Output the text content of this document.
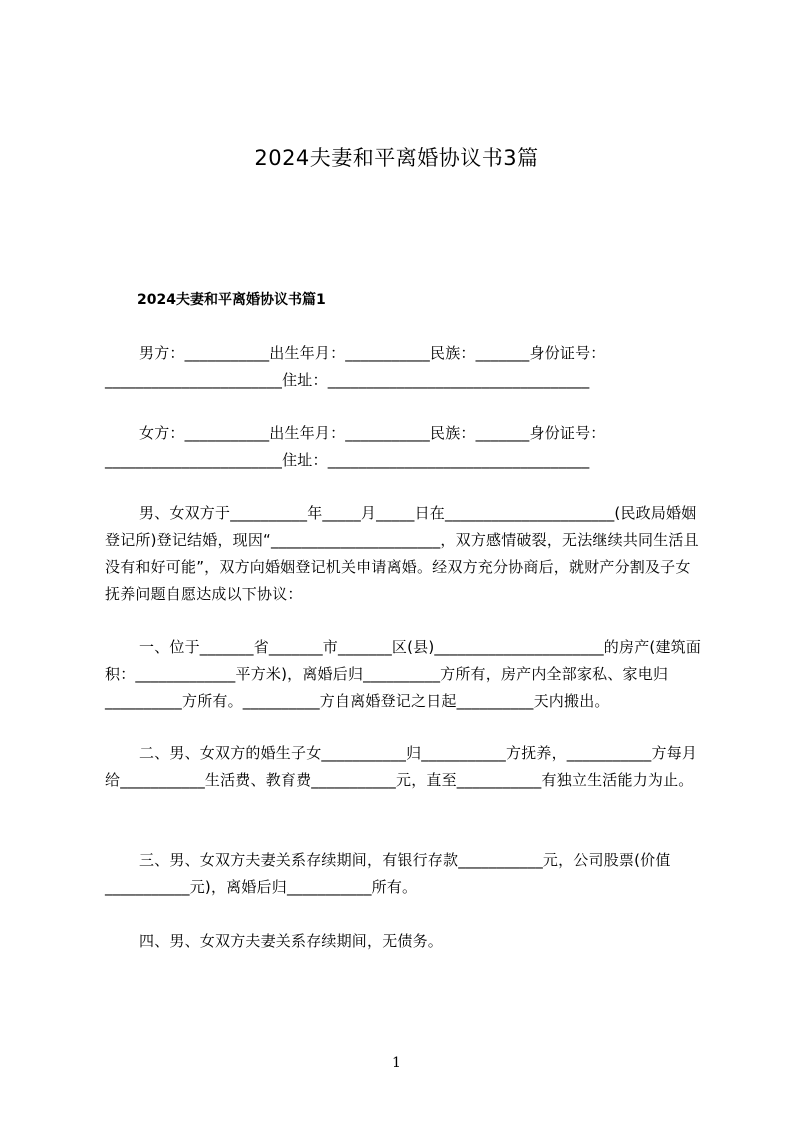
2024夫妻和平离婚协议书3篇
2024夫妻和平离婚协议书篇1

男方：___________出生年月：___________民族：_______身份证号：_______________________住址：__________________________________

女方：___________出生年月：___________民族：_______身份证号：_______________________住址：__________________________________

男、女双方于__________年_____月_____日在______________________(民政局婚姻登记所)登记结婚，现因“______________________，双方感情破裂，无法继续共同生活且没有和好可能”，双方向婚姻登记机关申请离婚。经双方充分协商后，就财产分割及子女抚养问题自愿达成以下协议：

一、位于_______省_______市_______区(县)______________________的房产(建筑面积：_____________平方米)，离婚后归__________方所有，房产内全部家私、家电归__________方所有。__________方自离婚登记之日起__________天内搬出。

二、男、女双方的婚生子女___________归___________方抚养，___________方每月给___________生活费、教育费___________元，直至___________有独立生活能力为止。

三、男、女双方夫妻关系存续期间，有银行存款___________元，公司股票(价值___________元)，离婚后归___________所有。

四、男、女双方夫妻关系存续期间，无债务。

1
